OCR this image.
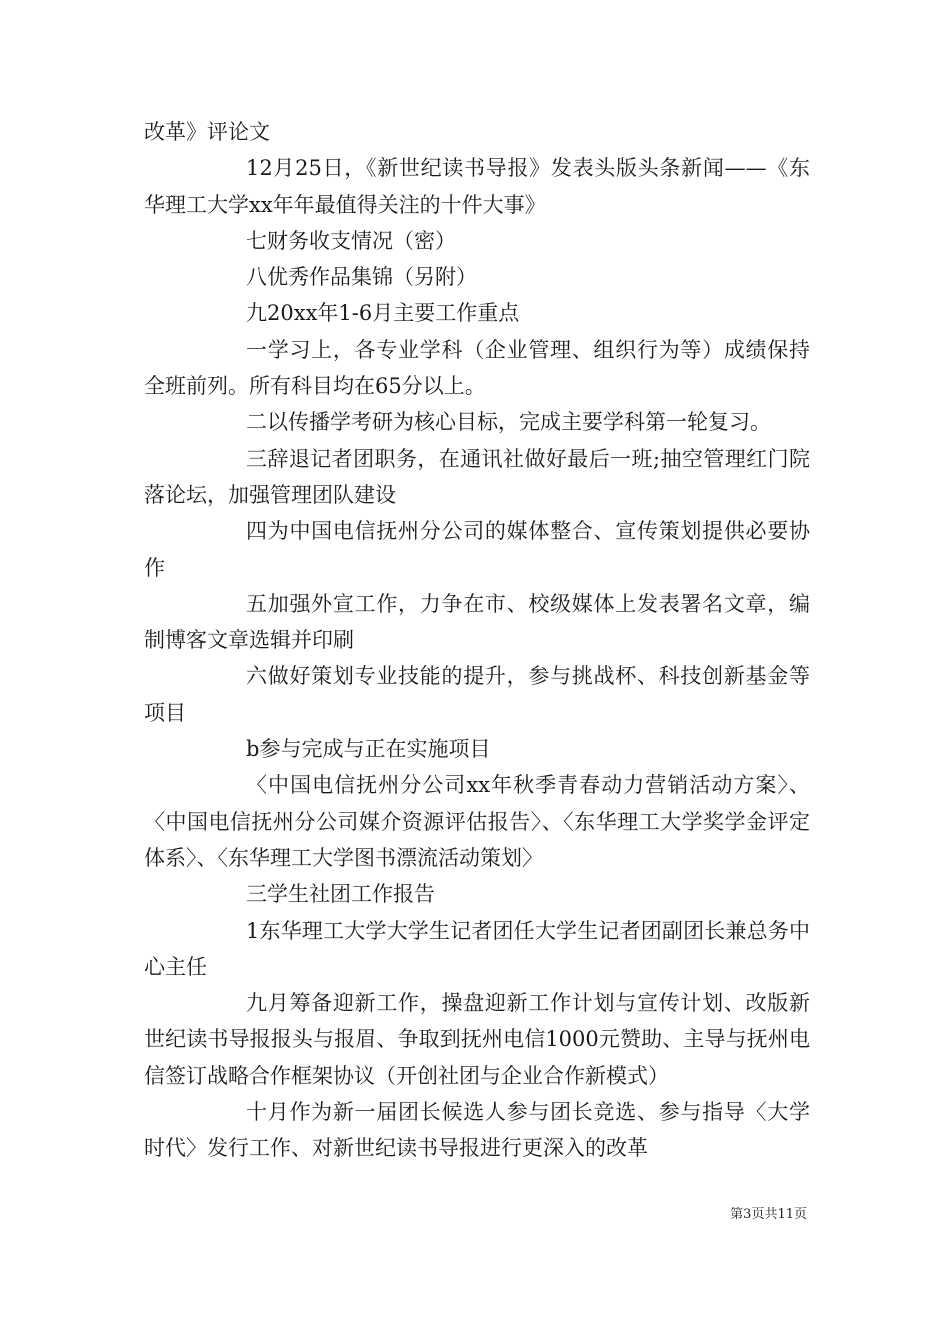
改革》评论文

12月25日，《新世纪读书导报》发表头版头条新闻——《东华理工大学xx年年最值得关注的十件大事》

七财务收支情况（密）

八优秀作品集锦（另附）

九20xx年1-6月主要工作重点

一学习上，各专业学科（企业管理、组织行为等）成绩保持全班前列。所有科目均在65分以上。

二以传播学考研为核心目标，完成主要学科第一轮复习。

三辞退记者团职务，在通讯社做好最后一班;抽空管理红门院落论坛，加强管理团队建设

四为中国电信抚州分公司的媒体整合、宣传策划提供必要协作

五加强外宣工作，力争在市、校级媒体上发表署名文章，编制博客文章选辑并印刷

六做好策划专业技能的提升，参与挑战杯、科技创新基金等项目

b参与完成与正在实施项目

〈中国电信抚州分公司xx年秋季青春动力营销活动方案〉、〈中国电信抚州分公司媒介资源评估报告〉、〈东华理工大学奖学金评定体系〉、〈东华理工大学图书漂流活动策划〉

三学生社团工作报告

1东华理工大学大学生记者团任大学生记者团副团长兼总务中心主任

九月筹备迎新工作，操盘迎新工作计划与宣传计划、改版新世纪读书导报报头与报眉、争取到抚州电信1000元赞助、主导与抚州电信签订战略合作框架协议（开创社团与企业合作新模式）

十月作为新一届团长候选人参与团长竞选、参与指导〈大学时代〉发行工作、对新世纪读书导报进行更深入的改革

第3页共11页
